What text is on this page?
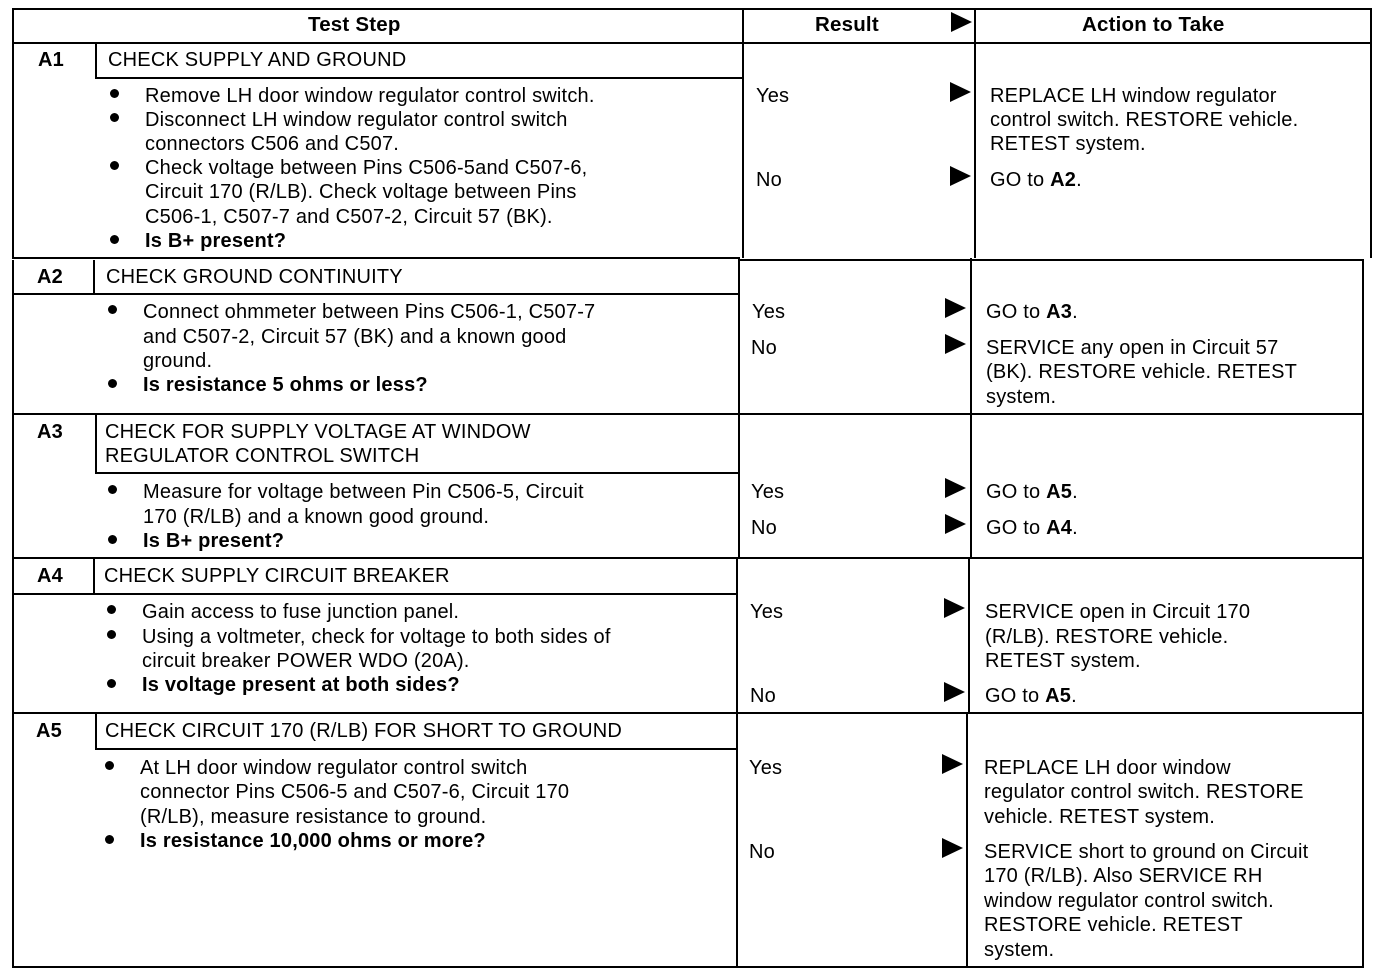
Test Step	Result	Action to Take
A1 CHECK SUPPLY AND GROUND
Remove LH door window regulator control switch.
Disconnect LH window regulator control switch
connectors C506 and C507.
Check voltage between Pins C506-5and C507-6,
Circuit 170 (R/LB). Check voltage between Pins
C506-1, C507-7 and C507-2, Circuit 57 (BK).
Is B+ present?
Yes	REPLACE LH window regulator
control switch. RESTORE vehicle.
RETEST system.
No	GO to A2.
A2 CHECK GROUND CONTINUITY
Connect ohmmeter between Pins C506-1, C507-7
and C507-2, Circuit 57 (BK) and a known good
ground.
Is resistance 5 ohms or less?
Yes	GO to A3.
No	SERVICE any open in Circuit 57
(BK). RESTORE vehicle. RETEST
system.
A3 CHECK FOR SUPPLY VOLTAGE AT WINDOW
REGULATOR CONTROL SWITCH
Measure for voltage between Pin C506-5, Circuit
170 (R/LB) and a known good ground.
Is B+ present?
Yes	GO to A5.
No	GO to A4.
A4 CHECK SUPPLY CIRCUIT BREAKER
Gain access to fuse junction panel.
Using a voltmeter, check for voltage to both sides of
circuit breaker POWER WDO (20A).
Is voltage present at both sides?
Yes	SERVICE open in Circuit 170
(R/LB). RESTORE vehicle.
RETEST system.
No	GO to A5.
A5 CHECK CIRCUIT 170 (R/LB) FOR SHORT TO GROUND
At LH door window regulator control switch
connector Pins C506-5 and C507-6, Circuit 170
(R/LB), measure resistance to ground.
Is resistance 10,000 ohms or more?
Yes	REPLACE LH door window
regulator control switch. RESTORE
vehicle. RETEST system.
No	SERVICE short to ground on Circuit
170 (R/LB). Also SERVICE RH
window regulator control switch.
RESTORE vehicle. RETEST
system.
